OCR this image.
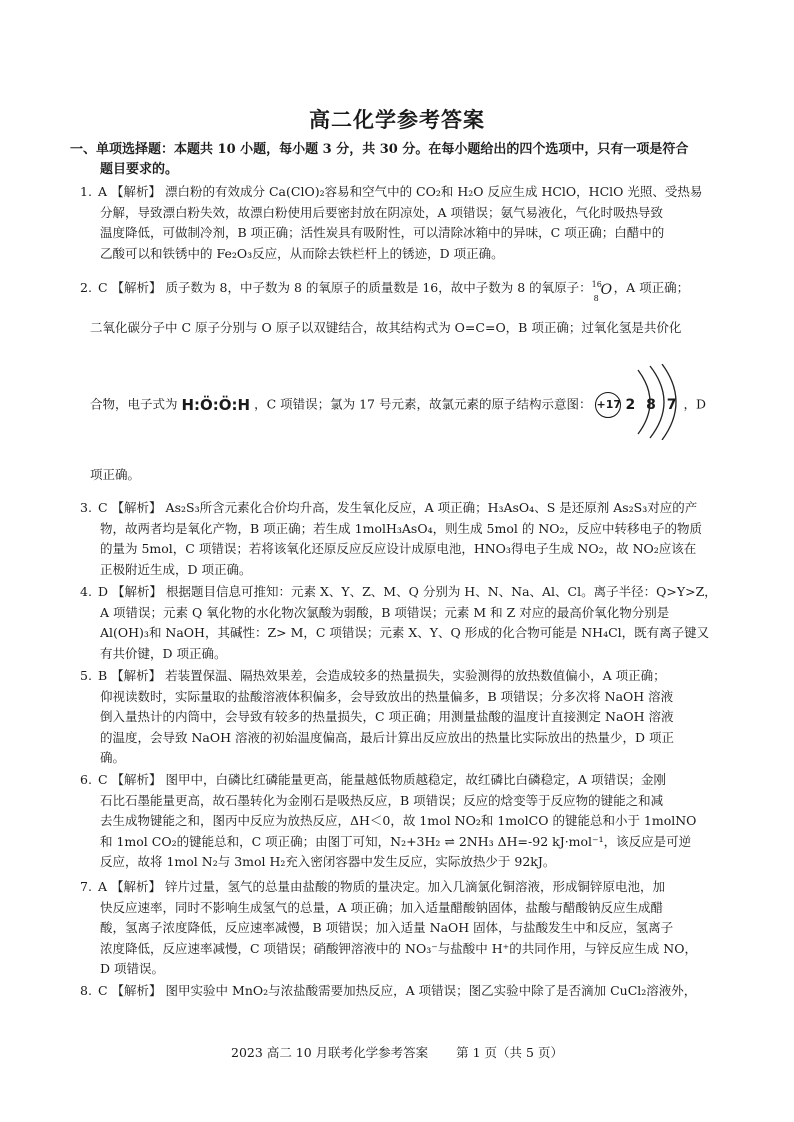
高二化学参考答案
一、单项选择题：本题共 10 小题，每小题 3 分，共 30 分。在每小题给出的四个选项中，只有一项是符合
题目要求的。
1. A 【解析】 漂白粉的有效成分 Ca(ClO)₂容易和空气中的 CO₂和 H₂O 反应生成 HClO，HClO 光照、受热易
分解，导致漂白粉失效，故漂白粉使用后要密封放在阴凉处，A 项错误；氨气易液化，气化时吸热导致
温度降低，可做制冷剂，B 项正确；活性炭具有吸附性，可以清除冰箱中的异味，C 项正确；白醋中的
乙酸可以和铁锈中的 Fe₂O₃反应，从而除去铁栏杆上的锈迹，D 项正确。
2. C 【解析】 质子数为 8，中子数为 8 的氧原子的质量数是 16，故中子数为 8 的氧原子： 16
8
O ，A 项正确；
二氧化碳分子中 C 原子分别与 O 原子以双键结合，故其结构式为 O=C=O，B 项正确；过氧化氢是共价化
合物，电子式为 H:Ö:Ö:H ，C 项错误；氯为 17 号元素，故氯元素的原子结构示意图： +17 2 8 7 ，D
项正确。
3. C 【解析】 As₂S₃所含元素化合价均升高，发生氧化反应，A 项正确；H₃AsO₄、S 是还原剂 As₂S₃对应的产
物，故两者均是氧化产物，B 项正确；若生成 1molH₃AsO₄，则生成 5mol 的 NO₂，反应中转移电子的物质
的量为 5mol，C 项错误；若将该氧化还原反应反应设计成原电池，HNO₃得电子生成 NO₂，故 NO₂应该在
正极附近生成，D 项正确。
4. D 【解析】 根据题目信息可推知：元素 X、Y、Z、M、Q 分别为 H、N、Na、Al、Cl。离子半径：Q>Y>Z，
A 项错误；元素 Q 氧化物的水化物次氯酸为弱酸，B 项错误；元素 M 和 Z 对应的最高价氧化物分别是
Al(OH)₃和 NaOH，其碱性：Z> M，C 项错误；元素 X、Y、Q 形成的化合物可能是 NH₄Cl，既有离子键又
有共价键，D 项正确。
5. B 【解析】 若装置保温、隔热效果差，会造成较多的热量损失，实验测得的放热数值偏小，A 项正确；
仰视读数时，实际量取的盐酸溶液体积偏多，会导致放出的热量偏多，B 项错误；分多次将 NaOH 溶液
倒入量热计的内筒中，会导致有较多的热量损失，C 项正确；用测量盐酸的温度计直接测定 NaOH 溶液
的温度，会导致 NaOH 溶液的初始温度偏高，最后计算出反应放出的热量比实际放出的热量少，D 项正
确。
6. C 【解析】 图甲中，白磷比红磷能量更高，能量越低物质越稳定，故红磷比白磷稳定，A 项错误；金刚
石比石墨能量更高，故石墨转化为金刚石是吸热反应，B 项错误；反应的焓变等于反应物的键能之和减
去生成物键能之和，图丙中反应为放热反应，ΔH＜0，故 1mol NO₂和 1molCO 的键能总和小于 1molNO
和 1mol CO₂的键能总和，C 项正确；由图丁可知，N₂+3H₂ ⇌ 2NH₃ ΔH=-92 kJ·mol⁻¹，该反应是可逆
反应，故将 1mol N₂与 3mol H₂充入密闭容器中发生反应，实际放热少于 92kJ。
7. A 【解析】 锌片过量，氢气的总量由盐酸的物质的量决定。加入几滴氯化铜溶液，形成铜锌原电池，加
快反应速率，同时不影响生成氢气的总量，A 项正确；加入适量醋酸钠固体，盐酸与醋酸钠反应生成醋
酸，氢离子浓度降低，反应速率减慢，B 项错误；加入适量 NaOH 固体，与盐酸发生中和反应，氢离子
浓度降低，反应速率减慢，C 项错误；硝酸钾溶液中的 NO₃⁻与盐酸中 H⁺的共同作用，与锌反应生成 NO，
D 项错误。
8. C 【解析】 图甲实验中 MnO₂与浓盐酸需要加热反应，A 项错误；图乙实验中除了是否滴加 CuCl₂溶液外，
2023 高二 10 月联考化学参考答案 第 1 页（共 5 页）
